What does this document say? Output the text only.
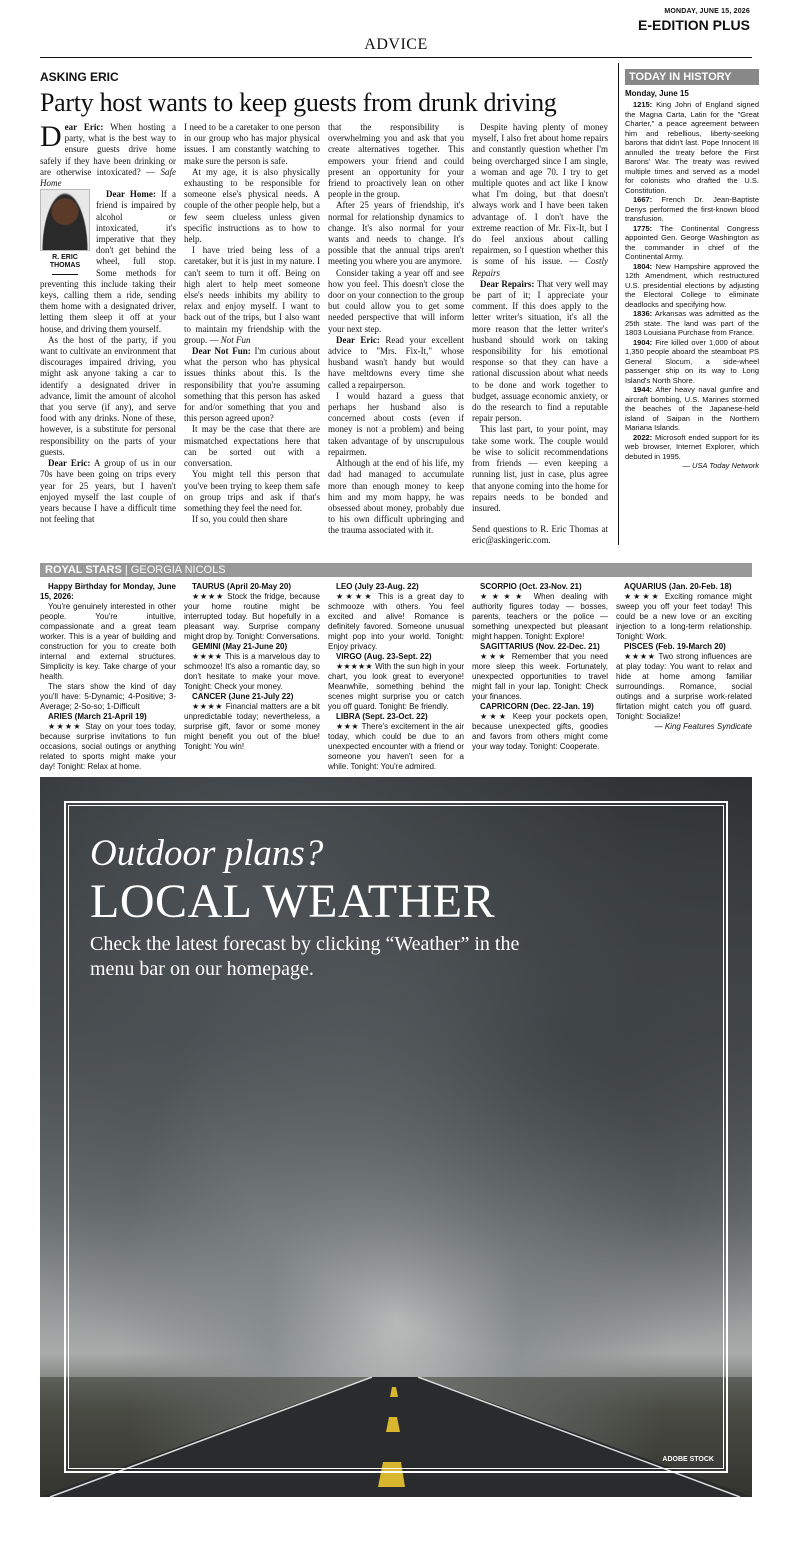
MONDAY, JUNE 15, 2026
E-EDITION PLUS
ADVICE
ASKING ERIC
Party host wants to keep guests from drunk driving

Dear Eric: When hosting a party, what is the best way to ensure guests drive home safely if they have been drinking or are otherwise intoxicated? — Safe Home

R. ERIC THOMAS

Dear Home: If a friend is impaired by alcohol or intoxicated, it's imperative that they don't get behind the wheel, full stop. Some methods for preventing this include taking their keys, calling them a ride, sending them home with a designated driver, letting them sleep it off at your house, and driving them yourself.

As the host of the party, if you want to cultivate an environment that discourages impaired driving, you might ask anyone taking a car to identify a designated driver in advance, limit the amount of alcohol that you serve (if any), and serve food with any drinks. None of these, however, is a substitute for personal responsibility on the parts of your guests.

Dear Eric: A group of us in our 70s have been going on trips every year for 25 years, but I haven't enjoyed myself the last couple of years because I have a difficult time not feeling that

I need to be a caretaker to one person in our group who has major physical issues. I am constantly watching to make sure the person is safe.

At my age, it is also physically exhausting to be responsible for someone else's physical needs. A couple of the other people help, but a few seem clueless unless given specific instructions as to how to help.

I have tried being less of a caretaker, but it is just in my nature. I can't seem to turn it off. Being on high alert to help meet someone else's needs inhibits my ability to relax and enjoy myself. I want to back out of the trips, but I also want to maintain my friendship with the group. — Not Fun

Dear Not Fun: I'm curious about what the person who has physical issues thinks about this. Is the responsibility that you're assuming something that this person has asked for and/or something that you and this person agreed upon?

It may be the case that there are mismatched expectations here that can be sorted out with a conversation.

You might tell this person that you've been trying to keep them safe on group trips and ask if that's something they feel the need for.

If so, you could then share

that the responsibility is overwhelming you and ask that you create alternatives together. This empowers your friend and could present an opportunity for your friend to proactively lean on other people in the group.

After 25 years of friendship, it's normal for relationship dynamics to change. It's also normal for your wants and needs to change. It's possible that the annual trips aren't meeting you where you are anymore.

Consider taking a year off and see how you feel. This doesn't close the door on your connection to the group but could allow you to get some needed perspective that will inform your next step.

Dear Eric: Read your excellent advice to "Mrs. Fix-It," whose husband wasn't handy but would have meltdowns every time she called a repairperson.

I would hazard a guess that perhaps her husband also is concerned about costs (even if money is not a problem) and being taken advantage of by unscrupulous repairmen.

Although at the end of his life, my dad had managed to accumulate more than enough money to keep him and my mom happy, he was obsessed about money, probably due to his own difficult upbringing and the trauma associated with it.

Despite having plenty of money myself, I also fret about home repairs and constantly question whether I'm being overcharged since I am single, a woman and age 70. I try to get multiple quotes and act like I know what I'm doing, but that doesn't always work and I have been taken advantage of. I don't have the extreme reaction of Mr. Fix-It, but I do feel anxious about calling repairmen, so I question whether this is some of his issue. — Costly Repairs

Dear Repairs: That very well may be part of it; I appreciate your comment. If this does apply to the letter writer's situation, it's all the more reason that the letter writer's husband should work on taking responsibility for his emotional response so that they can have a rational discussion about what needs to be done and work together to budget, assuage economic anxiety, or do the research to find a reputable repair person.

This last part, to your point, may take some work. The couple would be wise to solicit recommendations from friends — even keeping a running list, just in case, plus agree that anyone coming into the home for repairs needs to be bonded and insured.

Send questions to R. Eric Thomas at eric@askingeric.com.

TODAY IN HISTORY
Monday, June 15

1215: King John of England signed the Magna Carta, Latin for the "Great Charter," a peace agreement between him and rebellious, liberty-seeking barons that didn't last. Pope Innocent III annulled the treaty before the First Barons' War. The treaty was revived multiple times and served as a model for colonists who drafted the U.S. Constitution.

1667: French Dr. Jean-Baptiste Denys performed the first-known blood transfusion.

1775: The Continental Congress appointed Gen. George Washington as the commander in chief of the Continental Army.

1804: New Hampshire approved the 12th Amendment, which restructured U.S. presidential elections by adjusting the Electoral College to eliminate deadlocks and specifying how.

1836: Arkansas was admitted as the 25th state. The land was part of the 1803 Louisiana Purchase from France.

1904: Fire killed over 1,000 of about 1,350 people aboard the steamboat PS General Slocum, a side-wheel passenger ship on its way to Long Island's North Shore.

1944: After heavy naval gunfire and aircraft bombing, U.S. Marines stormed the beaches of the Japanese-held island of Saipan in the Northern Mariana Islands.

2022: Microsoft ended support for its web browser, Internet Explorer, which debuted in 1995.

— USA Today Network

ROYAL STARS | GEORGIA NICOLS

Happy Birthday for Monday, June 15, 2026:

You're genuinely interested in other people. You're intuitive, compassionate and a great team worker. This is a year of building and construction for you to create both internal and external structures. Simplicity is key. Take charge of your health.

The stars show the kind of day you'll have: 5-Dynamic; 4-Positive; 3-Average; 2-So-so; 1-Difficult

ARIES (March 21-April 19)

★★★★ Stay on your toes today, because surprise invitations to fun occasions, social outings or anything related to sports might make your day! Tonight: Relax at home.

TAURUS (April 20-May 20)

★★★★ Stock the fridge, because your home routine might be interrupted today. But hopefully in a pleasant way. Surprise company might drop by. Tonight: Conversations.

GEMINI (May 21-June 20)

★★★★ This is a marvelous day to schmooze! It's also a romantic day, so don't hesitate to make your move. Tonight: Check your money.

CANCER (June 21-July 22)

★★★★ Financial matters are a bit unpredictable today; nevertheless, a surprise gift, favor or some money might benefit you out of the blue! Tonight: You win!

LEO (July 23-Aug. 22)

★★★★ This is a great day to schmooze with others. You feel excited and alive! Romance is definitely favored. Someone unusual might pop into your world. Tonight: Enjoy privacy.

VIRGO (Aug. 23-Sept. 22)

★★★★★ With the sun high in your chart, you look great to everyone! Meanwhile, something behind the scenes might surprise you or catch you off guard. Tonight: Be friendly.

LIBRA (Sept. 23-Oct. 22)

★★★ There's excitement in the air today, which could be due to an unexpected encounter with a friend or someone you haven't seen for a while. Tonight: You're admired.

SCORPIO (Oct. 23-Nov. 21)

★★★★ When dealing with authority figures today — bosses, parents, teachers or the police — something unexpected but pleasant might happen. Tonight: Explore!

SAGITTARIUS (Nov. 22-Dec. 21)

★★★ Remember that you need more sleep this week. Fortunately, unexpected opportunities to travel might fall in your lap. Tonight: Check your finances.

CAPRICORN (Dec. 22-Jan. 19)

★★★ Keep your pockets open, because unexpected gifts, goodies and favors from others might come your way today. Tonight: Cooperate.

AQUARIUS (Jan. 20-Feb. 18)

★★★★ Exciting romance might sweep you off your feet today! This could be a new love or an exciting injection to a long-term relationship. Tonight: Work.

PISCES (Feb. 19-March 20)

★★★★ Two strong influences are at play today: You want to relax and hide at home among familiar surroundings. Romance, social outings and a surprise work-related flirtation might catch you off guard. Tonight: Socialize!

— King Features Syndicate

Outdoor plans?
LOCAL WEATHER
Check the latest forecast by clicking “Weather” in the menu bar on our homepage.
ADOBE STOCK
